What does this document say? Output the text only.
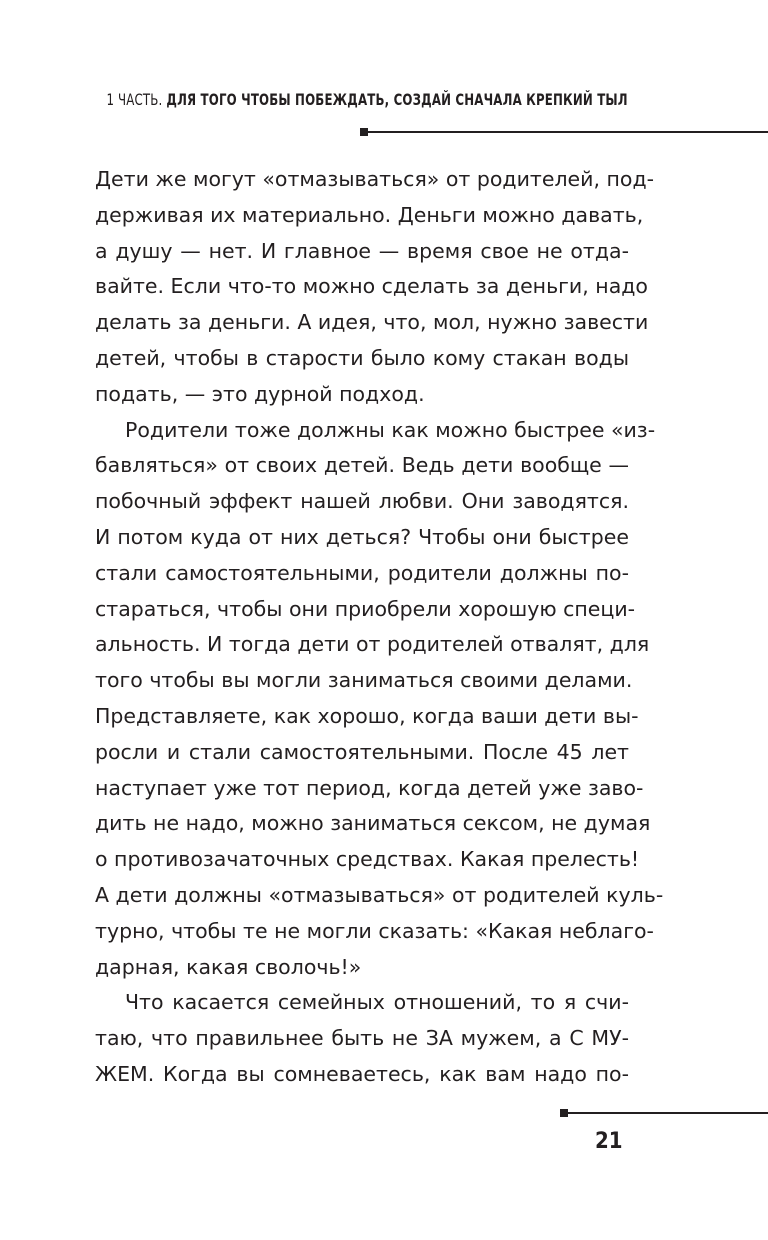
1 ЧАСТЬ. ДЛЯ ТОГО ЧТОБЫ ПОБЕЖДАТЬ, СОЗДАЙ СНАЧАЛА КРЕПКИЙ ТЫЛ
Дети же могут «отмазываться» от родителей, под-
держивая их материально. Деньги можно давать,
а душу — нет. И главное — время свое не отда-
вайте. Если что-то можно сделать за деньги, надо
делать за деньги. А идея, что, мол, нужно завести
детей, чтобы в старости было кому стакан воды
подать, — это дурной подход.
Родители тоже должны как можно быстрее «из-
бавляться» от своих детей. Ведь дети вообще —
побочный эффект нашей любви. Они заводятся.
И потом куда от них деться? Чтобы они быстрее
стали самостоятельными, родители должны по-
стараться, чтобы они приобрели хорошую специ-
альность. И тогда дети от родителей отвалят, для
того чтобы вы могли заниматься своими делами.
Представляете, как хорошо, когда ваши дети вы-
росли и стали самостоятельными. После 45 лет
наступает уже тот период, когда детей уже заво-
дить не надо, можно заниматься сексом, не думая
о противозачаточных средствах. Какая прелесть!
А дети должны «отмазываться» от родителей куль-
турно, чтобы те не могли сказать: «Какая неблаго-
дарная, какая сволочь!»
Что касается семейных отношений, то я счи-
таю, что правильнее быть не ЗА мужем, а С МУ-
ЖЕМ. Когда вы сомневаетесь, как вам надо по-
21
